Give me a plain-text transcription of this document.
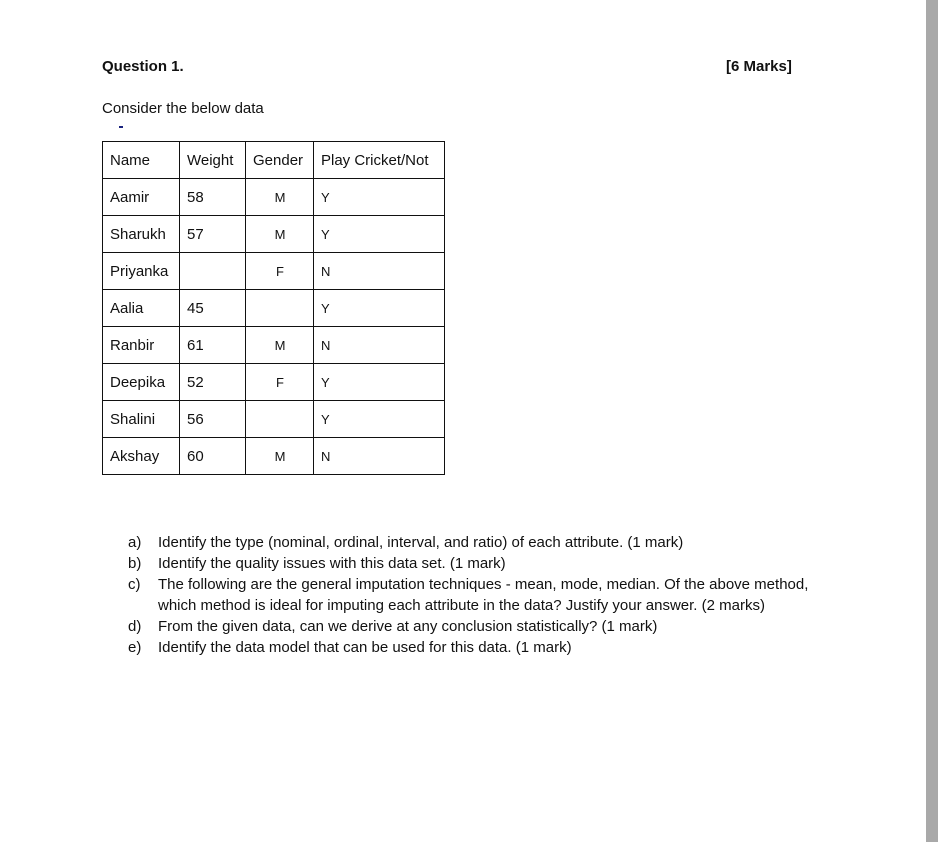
Question 1.	[6 Marks]
Consider the below data
Name	Weight	Gender	Play Cricket/Not
Aamir	58	M	Y
Sharukh	57	M	Y
Priyanka		F	N
Aalia	45		Y
Ranbir	61	M	N
Deepika	52	F	Y
Shalini	56		Y
Akshay	60	M	N
a) Identify the type (nominal, ordinal, interval, and ratio) of each attribute. (1 mark)
b) Identify the quality issues with this data set. (1 mark)
c) The following are the general imputation techniques - mean, mode, median. Of the above method, which method is ideal for imputing each attribute in the data? Justify your answer. (2 marks)
d) From the given data, can we derive at any conclusion statistically? (1 mark)
e) Identify the data model that can be used for this data. (1 mark)
